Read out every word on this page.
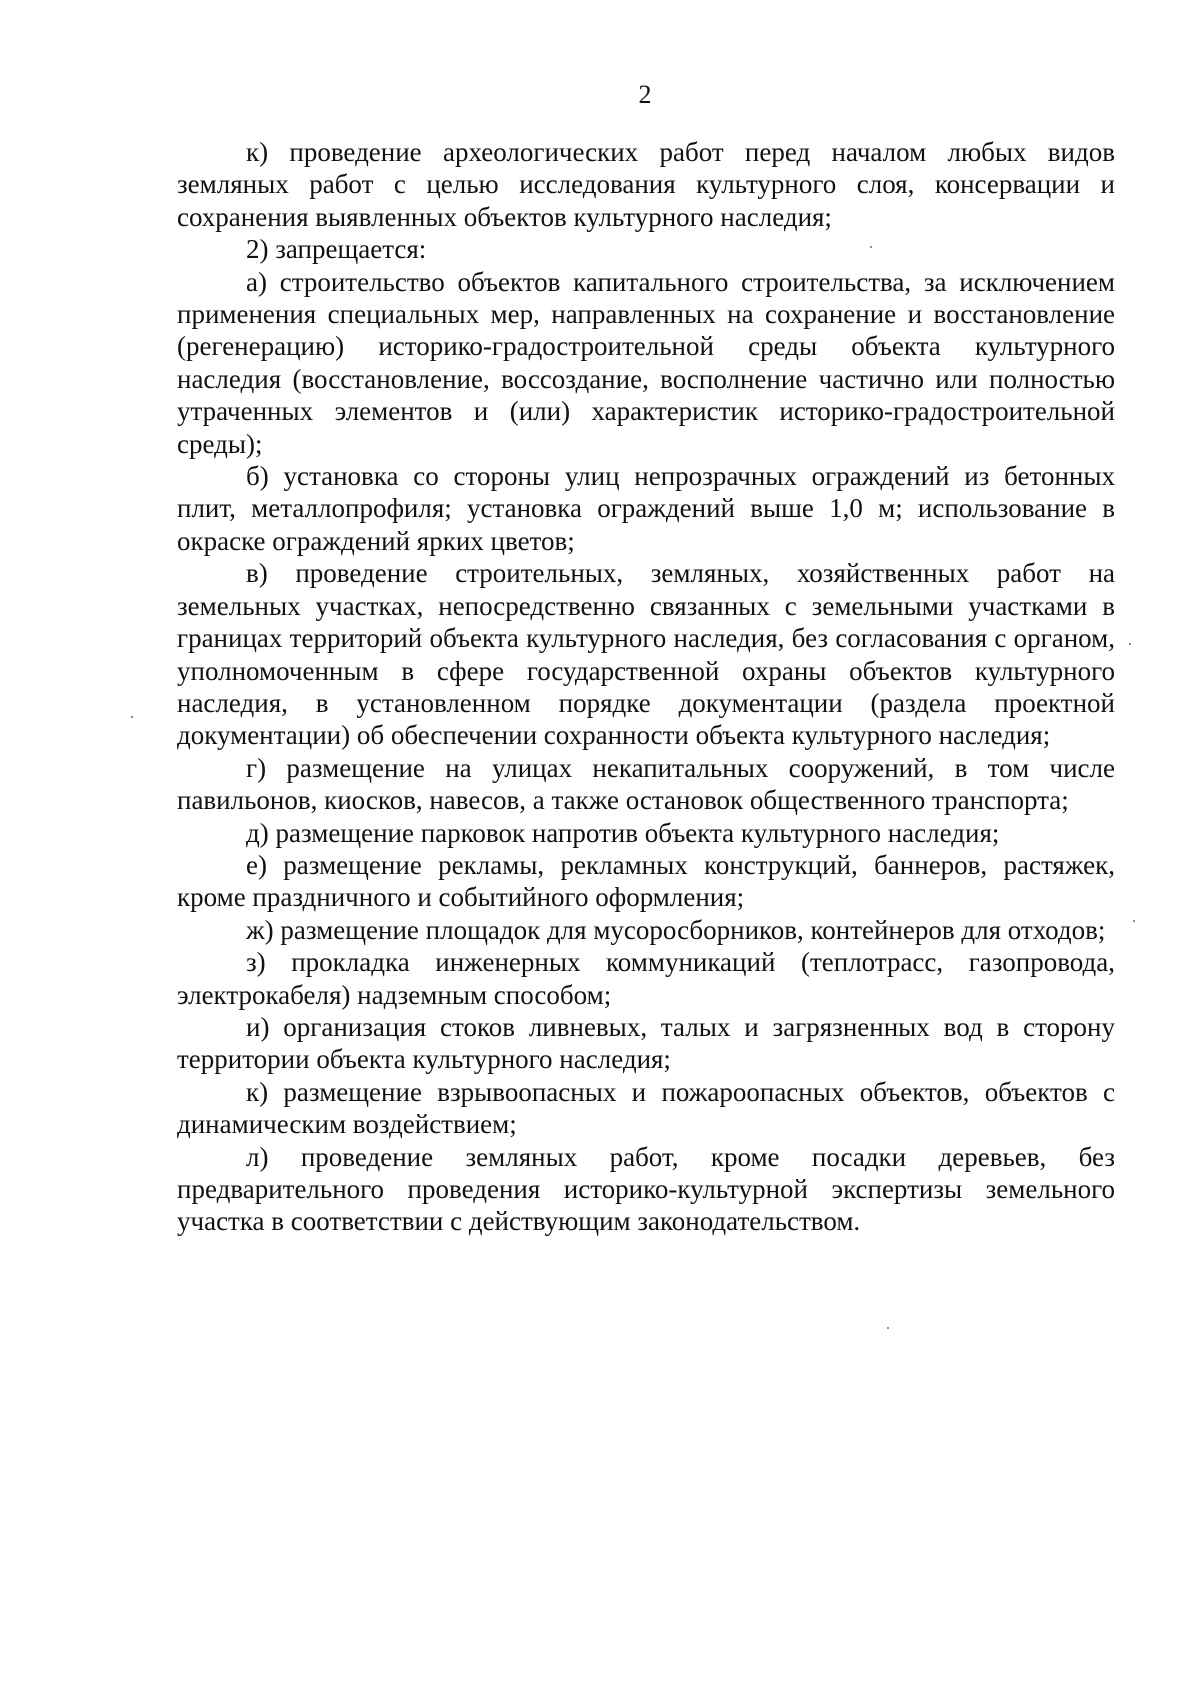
2

к) проведение археологических работ перед началом любых видов земляных работ с целью исследования культурного слоя, консервации и сохранения выявленных объектов культурного наследия;

2) запрещается:

а) строительство объектов капитального строительства, за исключением применения специальных мер, направленных на сохранение и восстановление (регенерацию) историко-градостроительной среды объекта культурного наследия (восстановление, воссоздание, восполнение частично или полностью утраченных элементов и (или) характеристик историко-градостроительной среды);

б) установка со стороны улиц непрозрачных ограждений из бетонных плит, металлопрофиля; установка ограждений выше 1,0 м; использование в окраске ограждений ярких цветов;

в) проведение строительных, земляных, хозяйственных работ на земельных участках, непосредственно связанных с земельными участками в границах территорий объекта культурного наследия, без согласования с органом, уполномоченным в сфере государственной охраны объектов культурного наследия, в установленном порядке документации (раздела проектной документации) об обеспечении сохранности объекта культурного наследия;

г) размещение на улицах некапитальных сооружений, в том числе павильонов, киосков, навесов, а также остановок общественного транспорта;

д) размещение парковок напротив объекта культурного наследия;

е) размещение рекламы, рекламных конструкций, баннеров, растяжек, кроме праздничного и событийного оформления;

ж) размещение площадок для мусоросборников, контейнеров для отходов;

з) прокладка инженерных коммуникаций (теплотрасс, газопровода, электрокабеля) надземным способом;

и) организация стоков ливневых, талых и загрязненных вод в сторону территории объекта культурного наследия;

к) размещение взрывоопасных и пожароопасных объектов, объектов с динамическим воздействием;

л) проведение земляных работ, кроме посадки деревьев, без предварительного проведения историко-культурной экспертизы земельного участка в соответствии с действующим законодательством.
